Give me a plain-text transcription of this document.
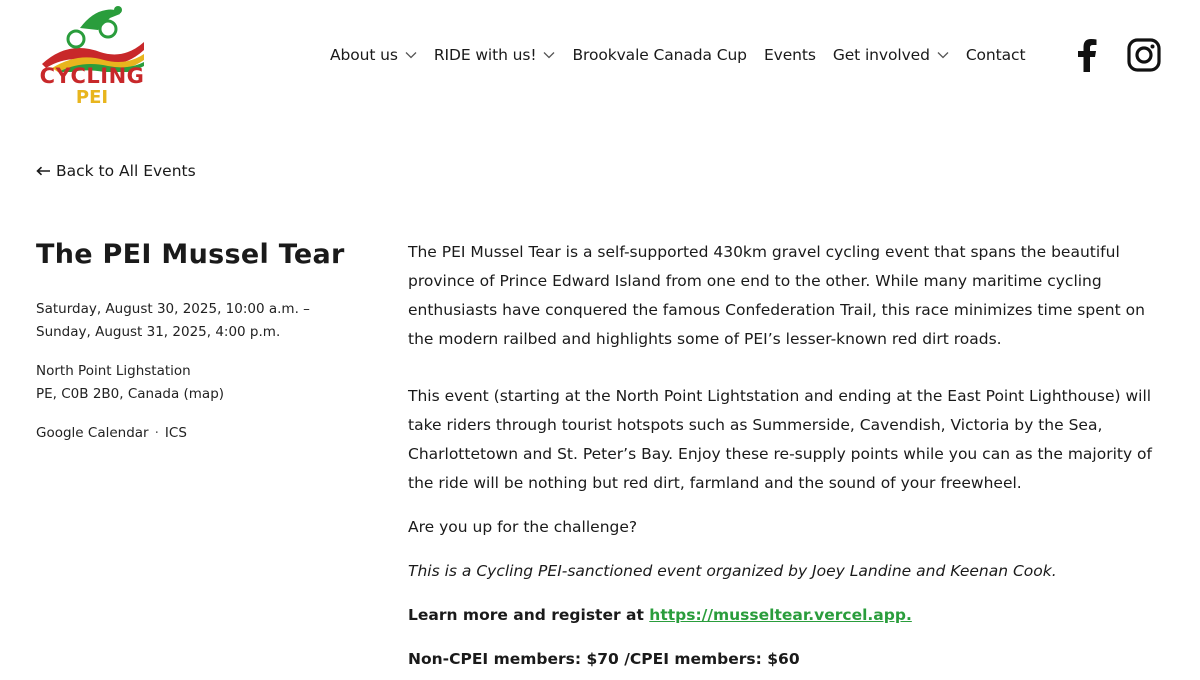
CYCLING
PEI
About us RIDE with us! Brookvale Canada Cup Events Get involved Contact
Back to All Events
The PEI Mussel Tear
Saturday, August 30, 2025, 10:00 a.m. –
Sunday, August 31, 2025, 4:00 p.m.
North Point Lighstation
PE, C0B 2B0, Canada (map)
Google Calendar · ICS

The PEI Mussel Tear is a self-supported 430km gravel cycling event that spans the beautiful province of Prince Edward Island from one end to the other. While many maritime cycling enthusiasts have conquered the famous Confederation Trail, this race minimizes time spent on the modern railbed and highlights some of PEI’s lesser-known red dirt roads.

This event (starting at the North Point Lightstation and ending at the East Point Lighthouse) will take riders through tourist hotspots such as Summerside, Cavendish, Victoria by the Sea, Charlottetown and St. Peter’s Bay. Enjoy these re-supply points while you can as the majority of the ride will be nothing but red dirt, farmland and the sound of your freewheel.

Are you up for the challenge?

This is a Cycling PEI-sanctioned event organized by Joey Landine and Keenan Cook.

Learn more and register at https://musseltear.vercel.app.

Non-CPEI members: $70 /CPEI members: $60
